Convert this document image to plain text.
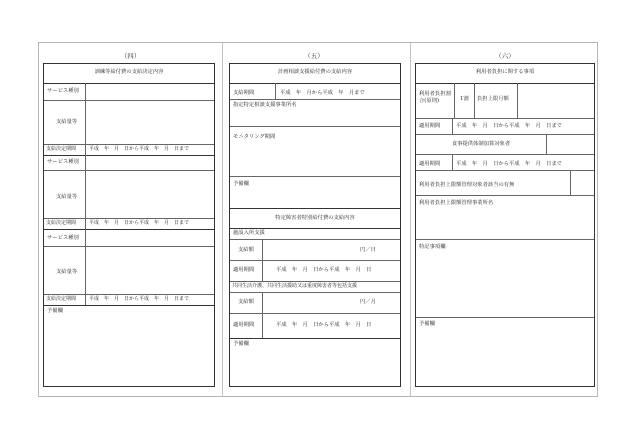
（四）	（五）	（六）
訓練等給付費の支給決定内容
サービス種別
支給量等
支給決定期間	平成　年　月　日から平成　年　月　日まで
サービス種別
支給量等
支給決定期間	平成　年　月　日から平成　年　月　日まで
サービス種別
支給量等
支給決定期間	平成　年　月　日から平成　年　月　日まで
予備欄
計画相談支援給付費の支給内容
支給期間	平成　年　月から平成　年　月まで
指定特定相談支援事業所名
モニタリング期間
予備欄
特定障害者特別給付費の支給内容
施設入所支援
支給額	円／日
適用期間	平成　年　月　日から平成　年　月　日
共同生活介護、共同生活援助又は重度障害者等包括支援
支給額	円／月
適用期間	平成　年　月　日から平成　年　月　日
予備欄
利用者負担に関する事項
利用者負担割合(原則)	1割 負担上限月額
適用期間	平成　年　月　日から平成　年　月　日まで
食事提供体制加算対象者
適用期間	平成　年　月　日から平成　年　月　日まで
利用者負担上限額管理対象者該当の有無
利用者負担上限額管理事業所名
特記事項欄
予備欄
